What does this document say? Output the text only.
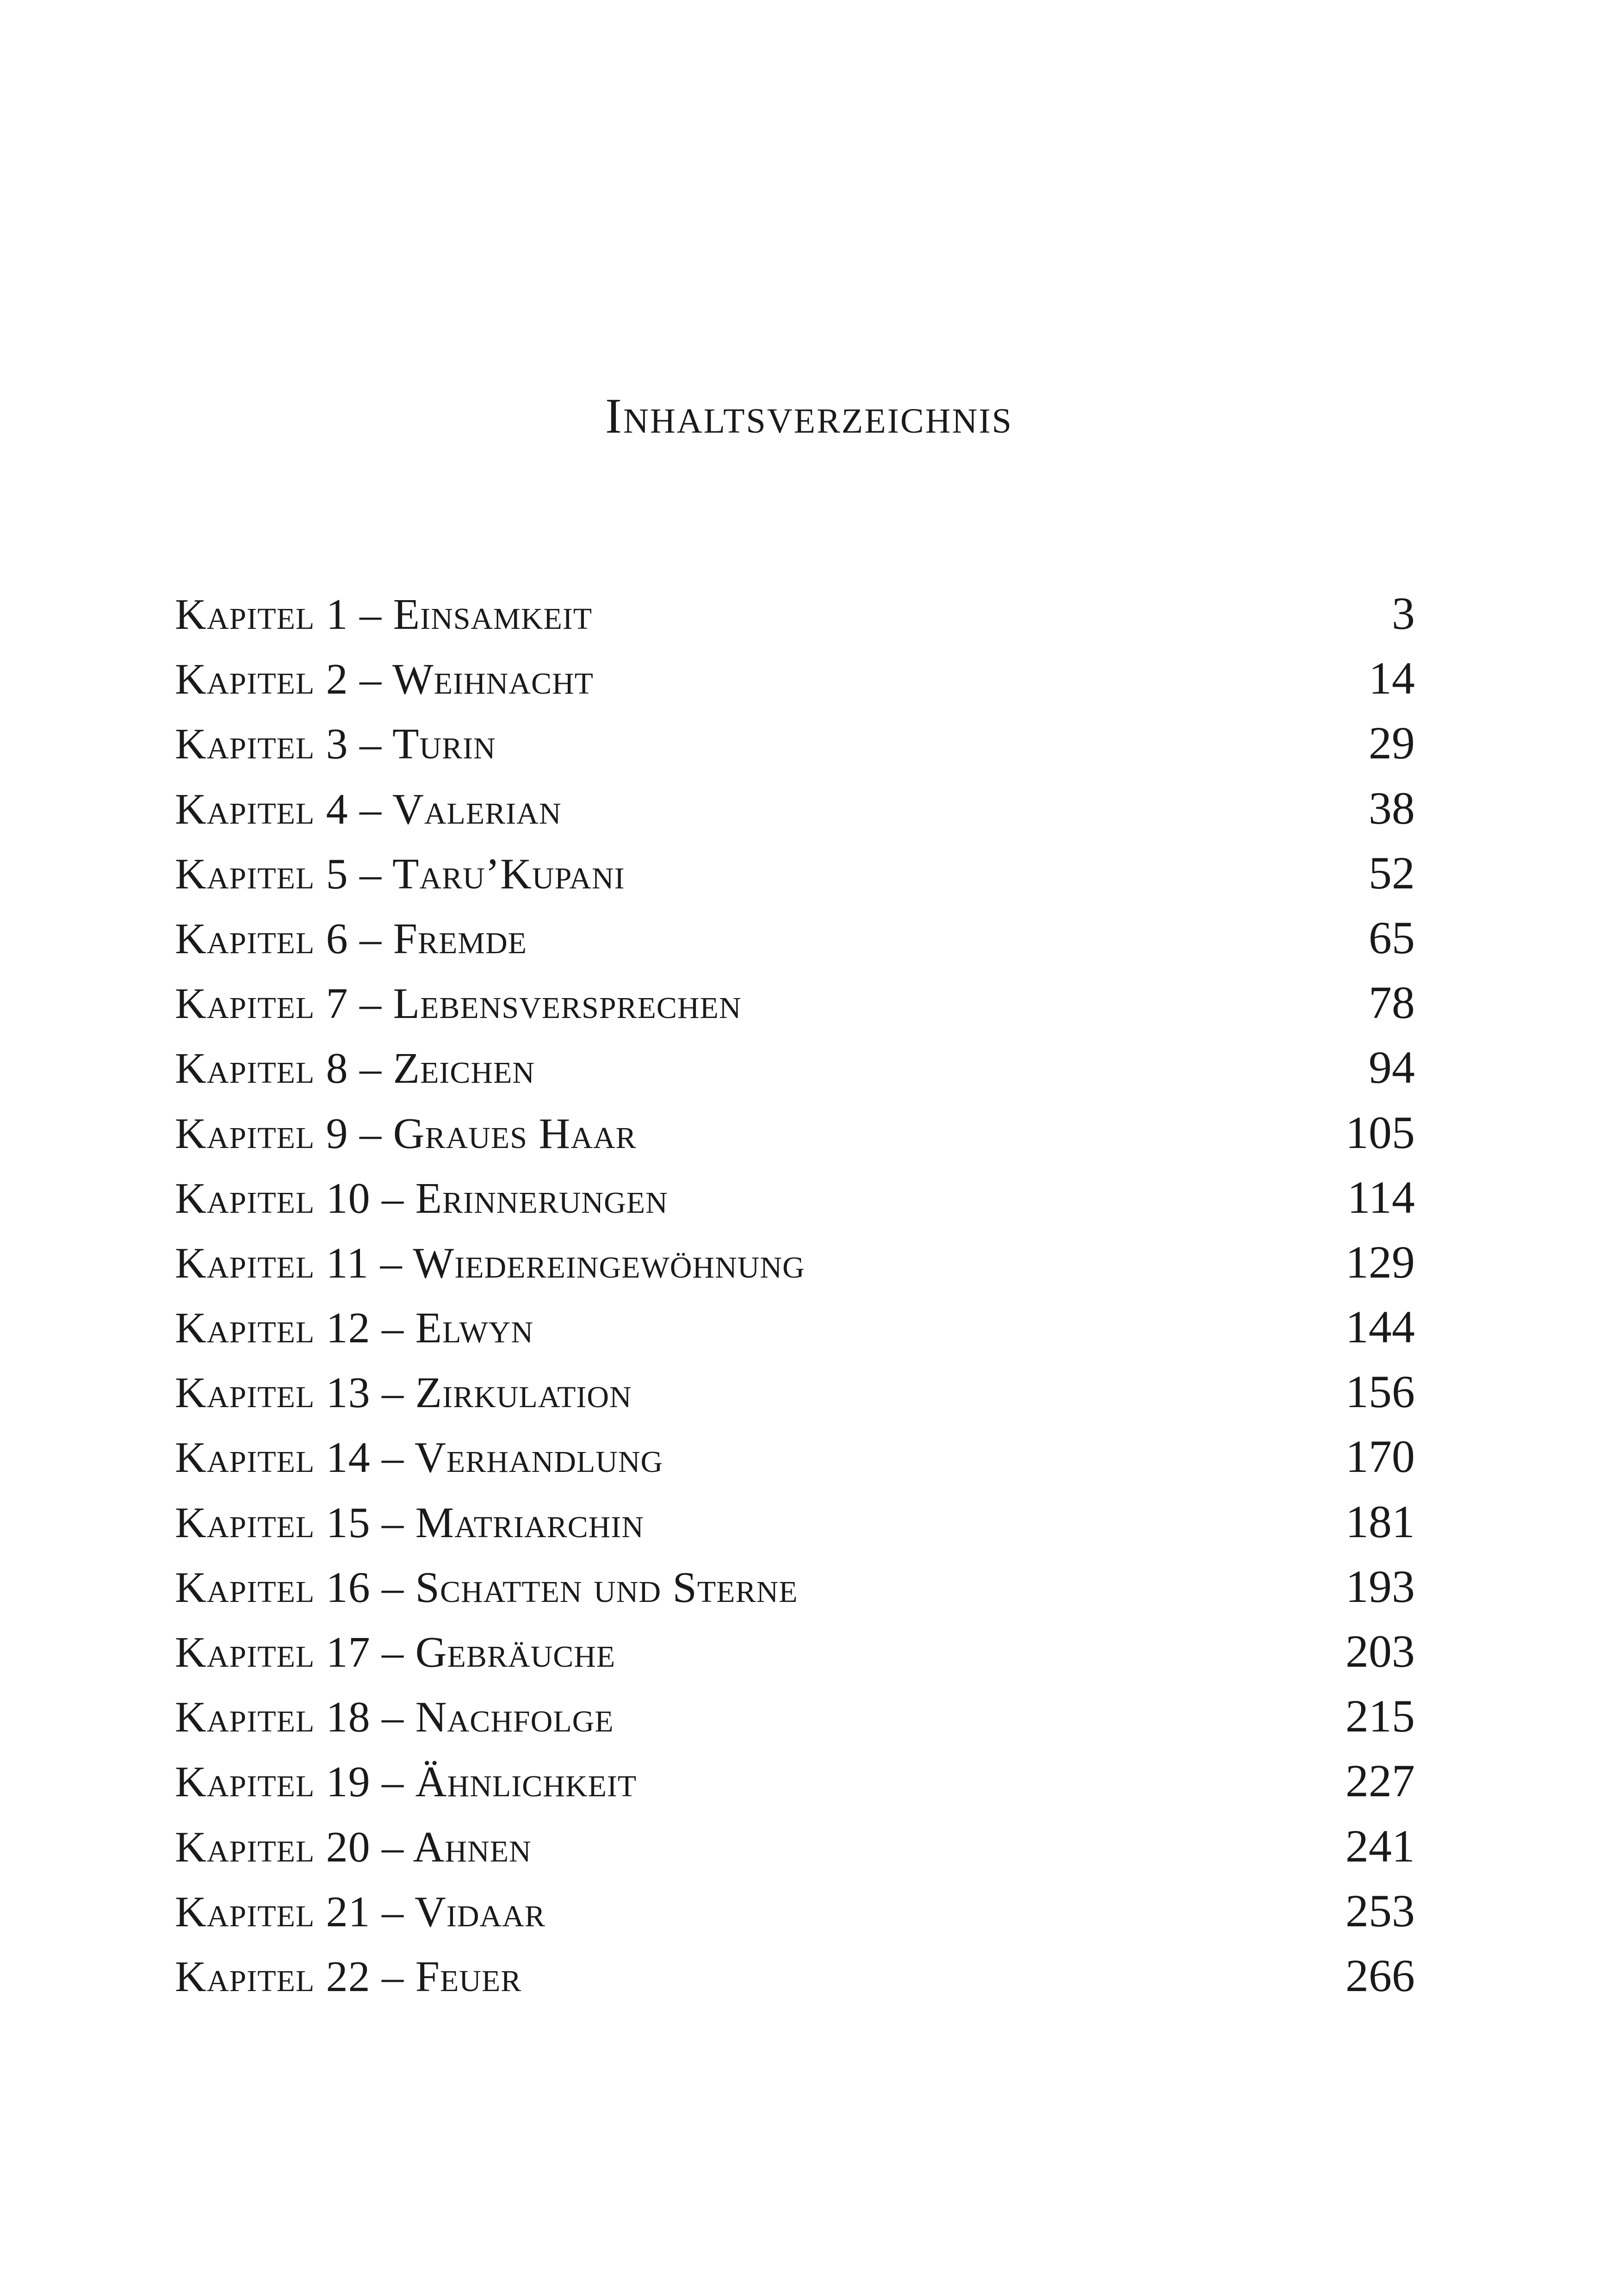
Inhaltsverzeichnis
Kapitel 1 – Einsamkeit	3
Kapitel 2 – Weihnacht	14
Kapitel 3 – Turin	29
Kapitel 4 – Valerian	38
Kapitel 5 – Taru’Kupani	52
Kapitel 6 – Fremde	65
Kapitel 7 – Lebensversprechen	78
Kapitel 8 – Zeichen	94
Kapitel 9 – Graues Haar	105
Kapitel 10 – Erinnerungen	114
Kapitel 11 – Wiedereingewöhnung	129
Kapitel 12 – Elwyn	144
Kapitel 13 – Zirkulation	156
Kapitel 14 – Verhandlung	170
Kapitel 15 – Matriarchin	181
Kapitel 16 – Schatten und Sterne	193
Kapitel 17 – Gebräuche	203
Kapitel 18 – Nachfolge	215
Kapitel 19 – Ähnlichkeit	227
Kapitel 20 – Ahnen	241
Kapitel 21 – Vidaar	253
Kapitel 22 – Feuer	266
